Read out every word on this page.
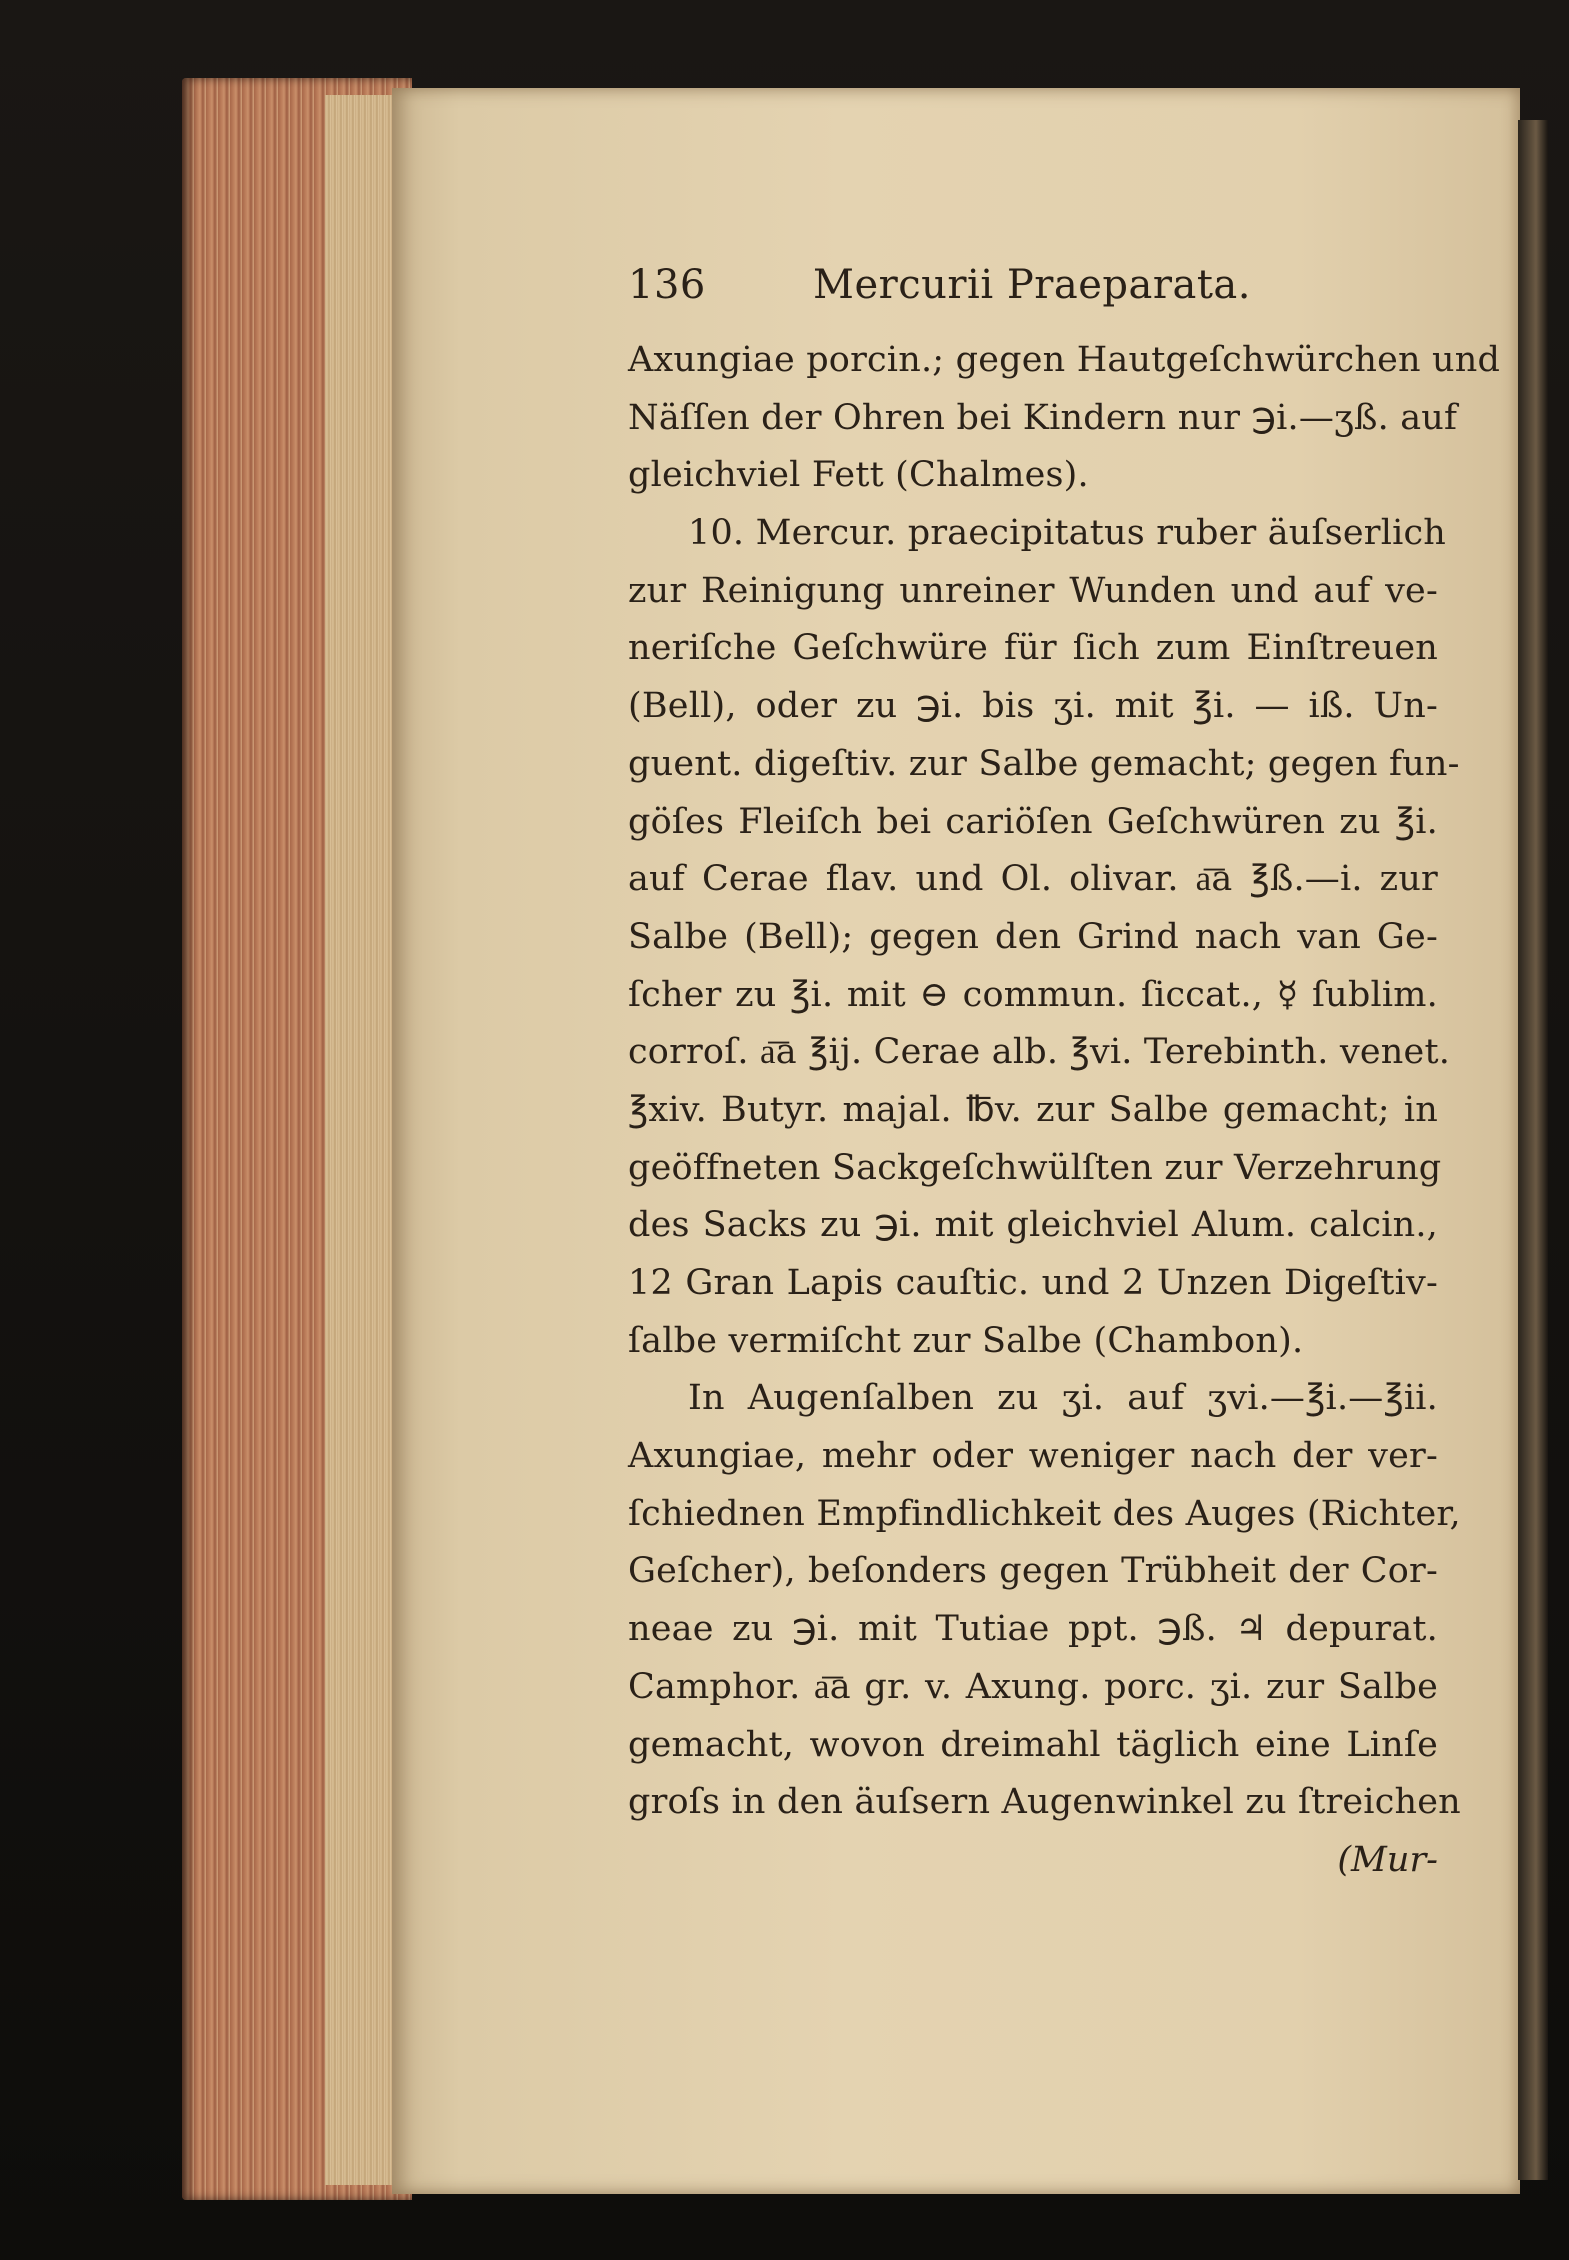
136	Mercurii Praeparata.
Axungiae porcin.; gegen Hautgeſchwürchen und
Näſſen der Ohren bei Kindern nur ℈i.—ʒß. auf
gleichviel Fett (Chalmes).
10. Mercur. praecipitatus ruber äuſserlich
zur Reinigung unreiner Wunden und auf ve-
neriſche Geſchwüre für ſich zum Einſtreuen
(Bell), oder zu ℈i. bis ʒi. mit ℥i. — iß. Un-
guent. digeſtiv. zur Salbe gemacht; gegen fun-
göſes Fleiſch bei cariöſen Geſchwüren zu ℥i.
auf Cerae flav. und Ol. olivar. a͞a ℥ß.—i. zur
Salbe (Bell); gegen den Grind nach van Ge-
ſcher zu ℥i. mit ⊖ commun. ſiccat., ☿ ſublim.
corroſ. a͞a ℥ij. Cerae alb. ℥vi. Terebinth. venet.
℥xiv. Butyr. majal. ℔v. zur Salbe gemacht; in
geöffneten Sackgeſchwülſten zur Verzehrung
des Sacks zu ℈i. mit gleichviel Alum. calcin.,
12 Gran Lapis cauſtic. und 2 Unzen Digeſtiv-
ſalbe vermiſcht zur Salbe (Chambon).
In Augenſalben zu ʒi. auf ʒvi.—℥i.—℥ii.
Axungiae, mehr oder weniger nach der ver-
ſchiednen Empfindlichkeit des Auges (Richter,
Geſcher), beſonders gegen Trübheit der Cor-
neae zu ℈i. mit Tutiae ppt. ℈ß. ♃ depurat.
Camphor. a͞a gr. v. Axung. porc. ʒi. zur Salbe
gemacht, wovon dreimahl täglich eine Linſe
groſs in den äuſsern Augenwinkel zu ſtreichen
(Mur-
